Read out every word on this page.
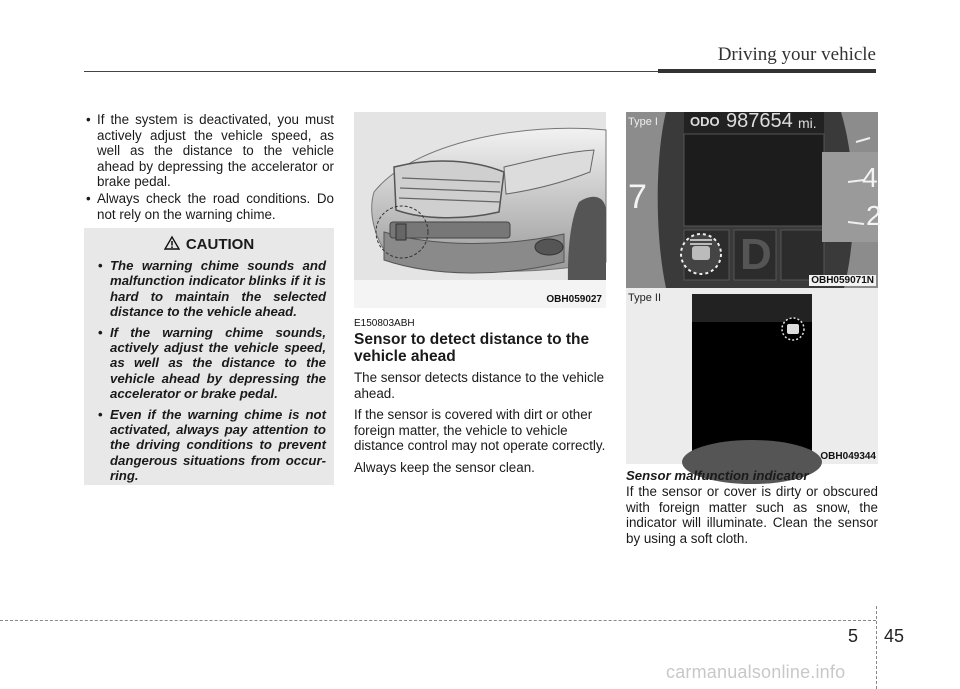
Driving your vehicle
• If the system is deactivated, you must actively adjust the vehicle speed, as well as the distance to the vehicle ahead by depressing the accelerator or brake pedal.
• Always check the road conditions. Do not rely on the warning chime.
CAUTION
• The warning chime sounds and malfunction indicator blinks if it is hard to maintain the selected distance to the vehicle ahead.
• If the warning chime sounds, actively adjust the vehicle speed, as well as the distance to the vehicle ahead by depressing the accelerator or brake pedal.
• Even if the warning chime is not activated, always pay attention to the driving conditions to prevent dangerous situations from occur-ring.
OBH059027
E150803ABH
Sensor to detect distance to the vehicle ahead

The sensor detects distance to the vehicle ahead.

If the sensor is covered with dirt or other foreign matter, the vehicle to vehicle distance control may not operate correctly.

Always keep the sensor clean.

Type I ODO 987654 mi.
7
4
2
D
OBH059071N
Type II
OBH049344
Sensor malfunction indicator
If the sensor or cover is dirty or obscured with foreign matter such as snow, the indicator will illuminate. Clean the sensor by using a soft cloth.
5 45
carmanualsonline.info
